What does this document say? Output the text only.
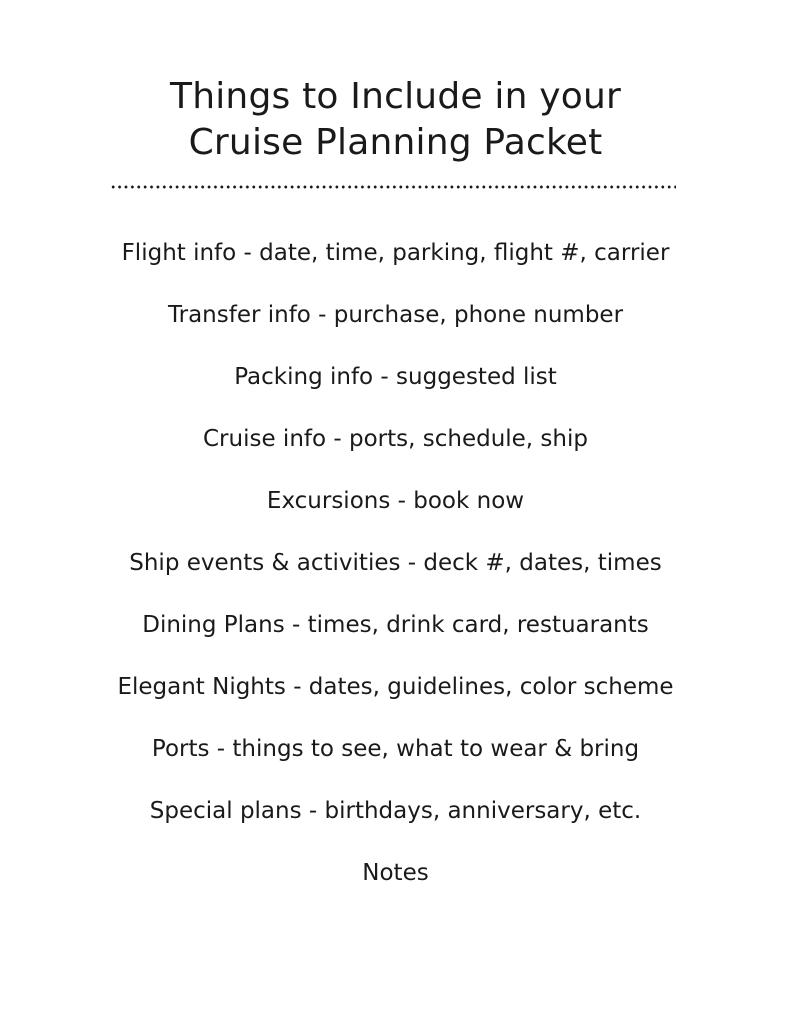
Things to Include in your
Cruise Planning Packet
Flight info - date, time, parking, flight #, carrier
Transfer info - purchase, phone number
Packing info - suggested list
Cruise info - ports, schedule, ship
Excursions - book now
Ship events & activities - deck #, dates, times
Dining Plans - times, drink card, restuarants
Elegant Nights - dates, guidelines, color scheme
Ports - things to see, what to wear & bring
Special plans - birthdays, anniversary, etc.
Notes
